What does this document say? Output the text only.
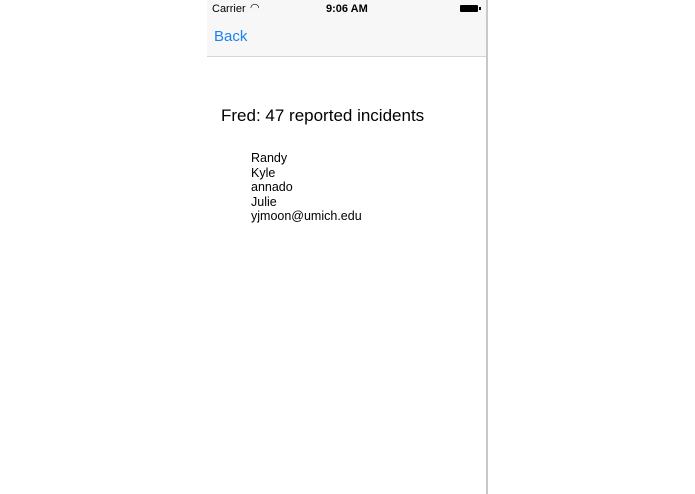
Carrier ◠	9:06 AM
Back
Fred: 47 reported incidents
Randy
Kyle
annado
Julie
yjmoon@umich.edu
